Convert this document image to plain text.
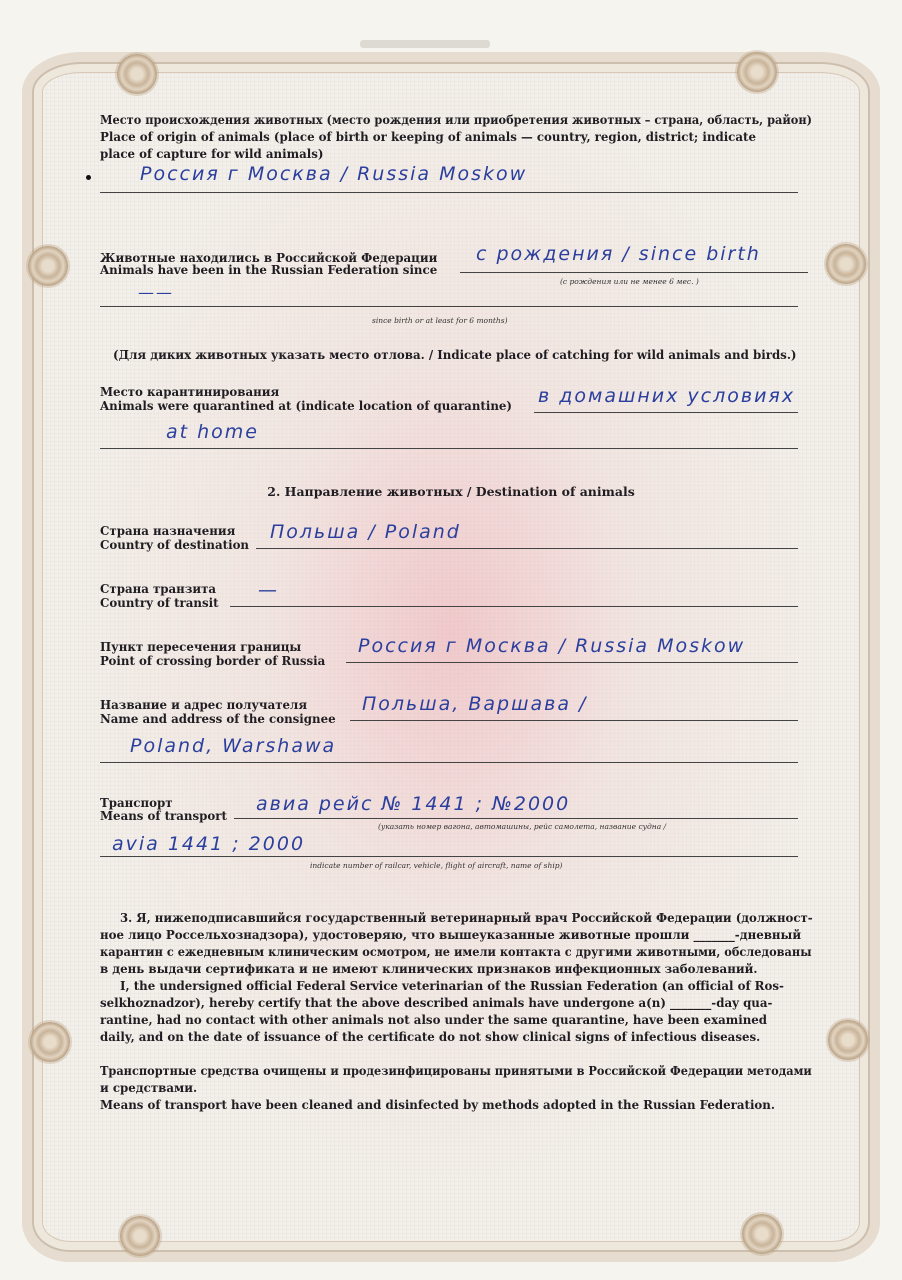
Место происхождения животных (место рождения или приобретения животных – страна, область, район)
Place of origin of animals (place of birth or keeping of animals — country, region, district; indicate
place of capture for wild animals)
Россия г Москва / Russia Moskow
Животные находились в Российской Федерации
Animals have been in the Russian Federation since
с рождения / since birth
(с рождения или не менее 6 мес. )
——
since birth or at least for 6 months)
(Для диких животных указать место отлова. / Indicate place of catching for wild animals and birds.)
Место карантинирования
Animals were quarantined at (indicate location of quarantine) в домашних условиях
at home
2. Направление животных / Destination of animals
Страна назначения
Country of destination
Польша / Poland
Страна транзита
Country of transit
—
Пункт пересечения границы
Point of crossing border of Russia
Россия г Москва / Russia Moskow
Название и адрес получателя
Name and address of the consignee
Польша, Варшава /
Poland, Warshawa
Транспорт
Means of transport
авиа рейс № 1441 ; №2000
(указать номер вагона, автомашины, рейс самолета, название судна /
avia 1441 ; 2000
indicate number of railcar, vehicle, flight of aircraft, name of ship)
3. Я, нижеподписавшийся государственный ветеринарный врач Российской Федерации (должност-
ное лицо Россельхознадзора), удостоверяю, что вышеуказанные животные прошли _______-дневный
карантин с ежедневным клиническим осмотром, не имели контакта с другими животными, обследованы
в день выдачи сертификата и не имеют клинических признаков инфекционных заболеваний.
I, the undersigned official Federal Service veterinarian of the Russian Federation (an official of Ros-
selkhoznadzor), hereby certify that the above described animals have undergone a(n) _______-day qua-
rantine, had no contact with other animals not also under the same quarantine, have been examined
daily, and on the date of issuance of the certificate do not show clinical signs of infectious diseases.
Транспортные средства очищены и продезинфицированы принятыми в Российской Федерации методами
и средствами.
Means of transport have been cleaned and disinfected by methods adopted in the Russian Federation.
